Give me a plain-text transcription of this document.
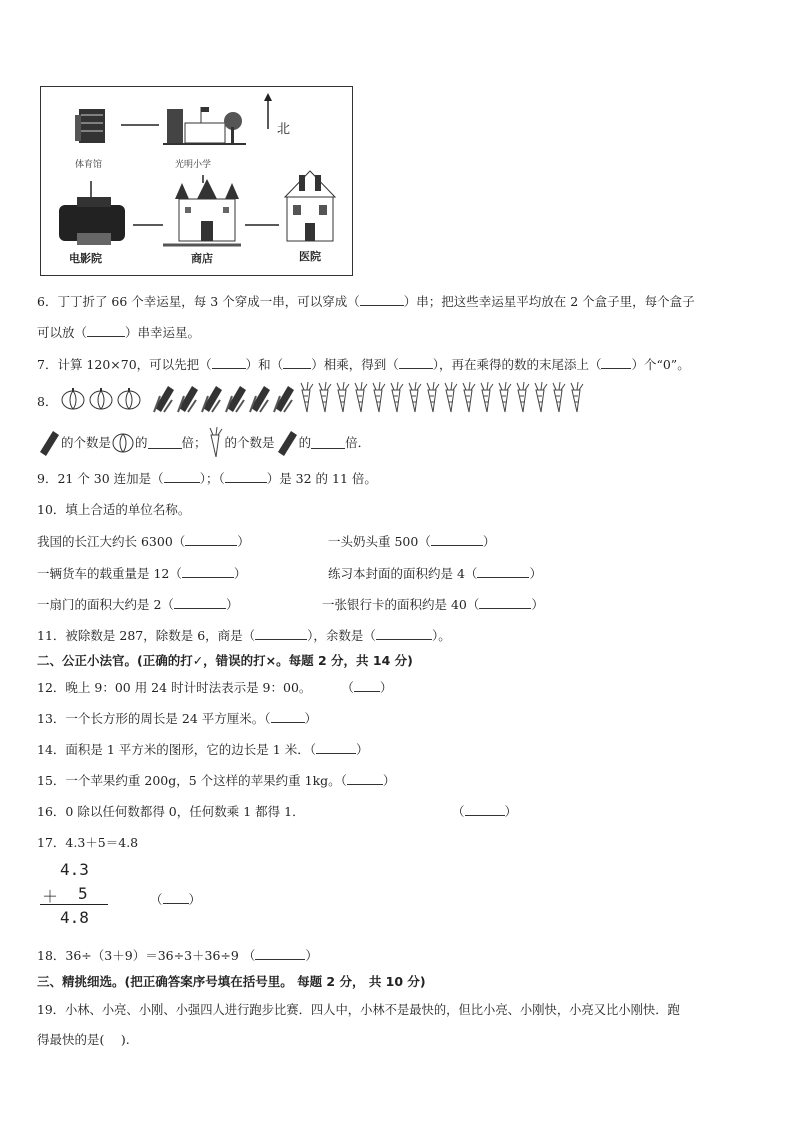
北
体育馆	光明小学
电影院	商店	医院
6．丁丁折了 66 个幸运星，每 3 个穿成一串，可以穿成（	）串；把这些幸运星平均放在 2 个盒子里，每个盒子
可以放（	）串幸运星。
7．计算 120×70，可以先把（	）和（ ）相乘，得到（	），再在乘得的数的末尾添上（ ）个“0”。
8．
的个数是 的	倍； 的个数是 的	倍．
9．21 个 30 连加是（	）；（	）是 32 的 11 倍。
10．填上合适的单位名称。
我国的长江大约长 6300（	）	一头奶头重 500（	）
一辆货车的载重量是 12（	）	练习本封面的面积约是 4（	）
一扇门的面积大约是 2（	）	一张银行卡的面积约是 40（	）
11．被除数是 287，除数是 6，商是（	），余数是（	）。
二、公正小法官。(正确的打✓，错误的打×。每题 2 分，共 14 分)
12．晚上 9：00 用 24 时计时法表示是 9：00。 （ ）
13．一个长方形的周长是 24 平方厘米。（	）
14．面积是 1 平方米的图形，它的边长是 1 米．（	）
15．一个苹果约重 200g，5 个这样的苹果约重 1kg。（	）
16．0 除以任何数都得 0，任何数乘 1 都得 1．	（	）
17．4.3＋5＝4.8
4.3
＋ 5
4.8
（ ）
18．36÷（3＋9）＝36÷3＋36÷9 （	）
三、精挑细选。(把正确答案序号填在括号里。 每题 2 分， 共 10 分)
19．小林、小亮、小刚、小强四人进行跑步比赛．四人中，小林不是最快的，但比小亮、小刚快，小亮又比小刚快．跑
得最快的是(　 ).
